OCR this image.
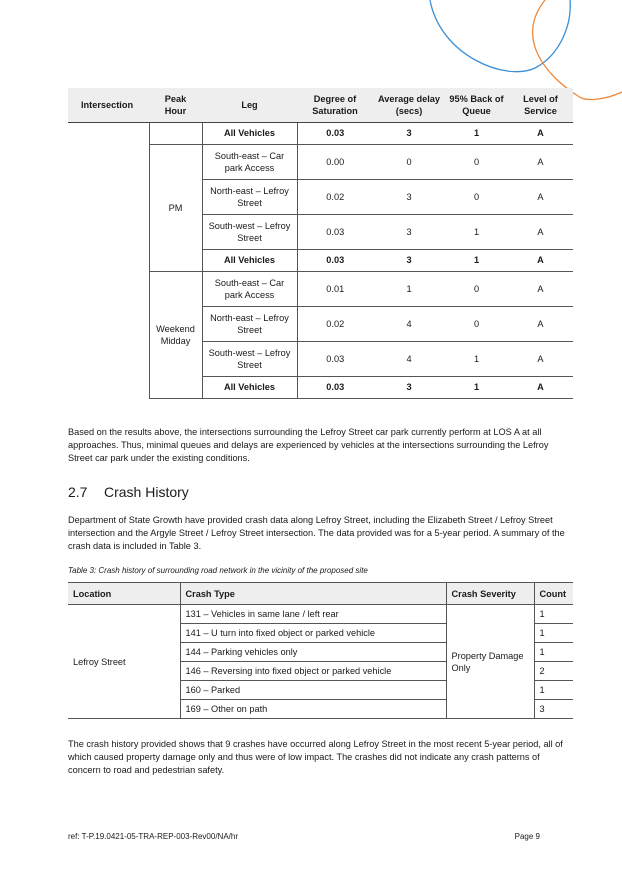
Intersection	Peak Hour	Leg	Degree of Saturation	Average delay (secs)	95% Back of Queue	Level of Service
		All Vehicles	0.03	3	1	A
	PM	South-east – Car park Access	0.00	0	0	A
		North-east – Lefroy Street	0.02	3	0	A
		South-west – Lefroy Street	0.03	3	1	A
		All Vehicles	0.03	3	1	A
	Weekend Midday	South-east – Car park Access	0.01	1	0	A
		North-east – Lefroy Street	0.02	4	0	A
		South-west – Lefroy Street	0.03	4	1	A
		All Vehicles	0.03	3	1	A

Based on the results above, the intersections surrounding the Lefroy Street car park currently perform at LOS A at all approaches. Thus, minimal queues and delays are experienced by vehicles at the intersections surrounding the Lefroy Street car park under the existing conditions.

2.7 Crash History

Department of State Growth have provided crash data along Lefroy Street, including the Elizabeth Street / Lefroy Street intersection and the Argyle Street / Lefroy Street intersection. The data provided was for a 5-year period. A summary of the crash data is included in Table 3.

Table 3: Crash history of surrounding road network in the vicinity of the proposed site

Location	Crash Type	Crash Severity	Count
Lefroy Street	131 – Vehicles in same lane / left rear	Property Damage Only	1
	141 – U turn into fixed object or parked vehicle		1
	144 – Parking vehicles only		1
	146 – Reversing into fixed object or parked vehicle		2
	160 – Parked		1
	169 – Other on path		3

The crash history provided shows that 9 crashes have occurred along Lefroy Street in the most recent 5-year period, all of which caused property damage only and thus were of low impact. The crashes did not indicate any crash patterns of concern to road and pedestrian safety.

ref: T-P.19.0421-05-TRA-REP-003-Rev00/NA/hr	Page 9
